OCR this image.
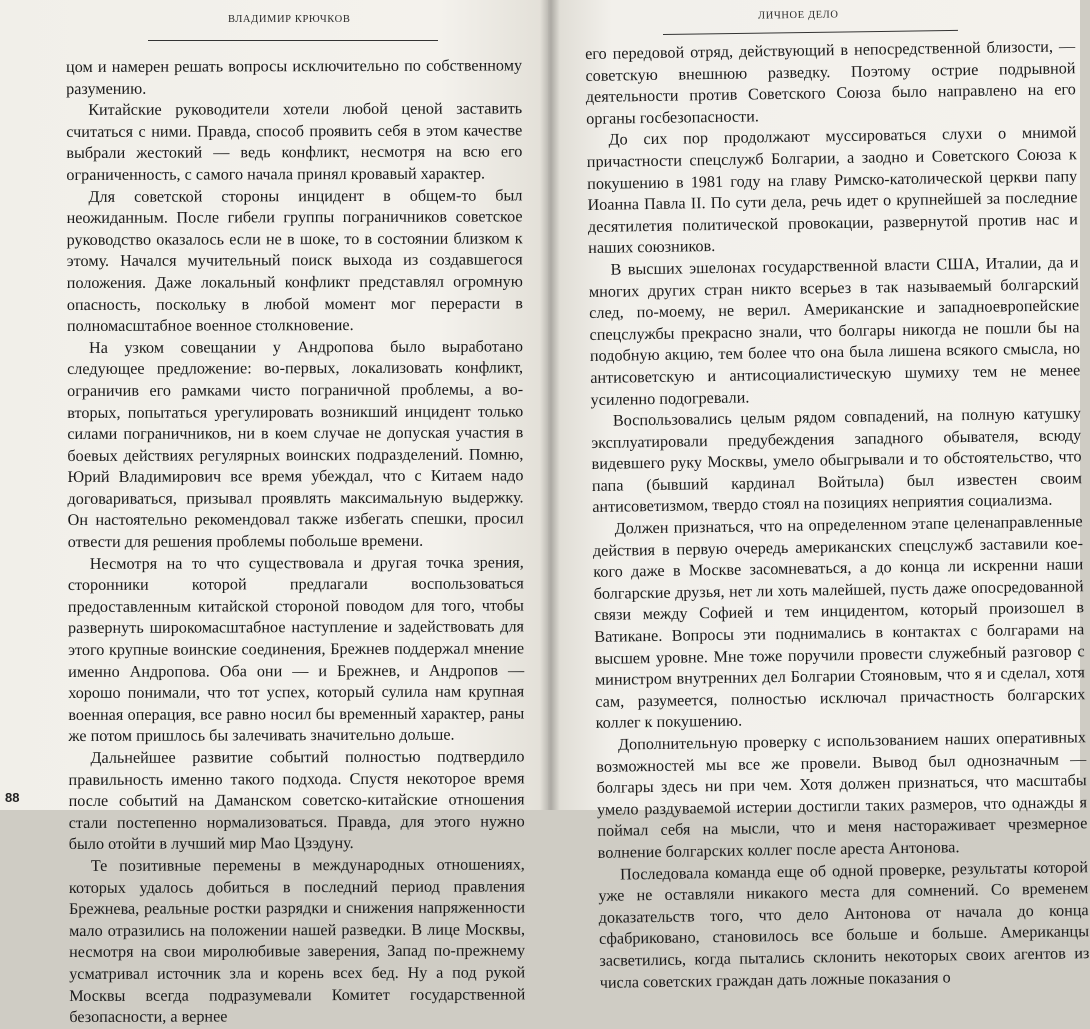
ВЛАДИМИР КРЮЧКОВ

цом и намерен решать вопросы исключительно по собственному разумению.

Китайские руководители хотели любой ценой заставить считаться с ними. Правда, способ проявить себя в этом качестве выбрали жестокий — ведь конфликт, несмотря на всю его ограниченность, с самого начала принял кровавый характер.

Для советской стороны инцидент в общем-то был неожиданным. После гибели группы пограничников советское руководство оказалось если не в шоке, то в состоянии близком к этому. Начался мучительный поиск выхода из создавшегося положения. Даже локальный конфликт представлял огромную опасность, поскольку в любой момент мог перерасти в полномасштабное военное столкновение.

На узком совещании у Андропова было выработано следующее предложение: во-первых, локализовать конфликт, ограничив его рамками чисто пограничной проблемы, а во-вторых, попытаться урегулировать возникший инцидент только силами пограничников, ни в коем случае не допуская участия в боевых действиях регулярных воинских подразделений. Помню, Юрий Владимирович все время убеждал, что с Китаем надо договариваться, призывал проявлять максимальную выдержку. Он настоятельно рекомендовал также избегать спешки, просил отвести для решения проблемы побольше времени.

Несмотря на то что существовала и другая точка зрения, сторонники которой предлагали воспользоваться предоставленным китайской стороной поводом для того, чтобы развернуть широкомасштабное наступление и задействовать для этого крупные воинские соединения, Брежнев поддержал мнение именно Андропова. Оба они — и Брежнев, и Андропов — хорошо понимали, что тот успех, который сулила нам крупная военная операция, все равно носил бы временный характер, раны же потом пришлось бы залечивать значительно дольше.

Дальнейшее развитие событий полностью подтвердило правильность именно такого подхода. Спустя некоторое время после событий на Даманском советско-китайские отношения стали постепенно нормализоваться. Правда, для этого нужно было отойти в лучший мир Мао Цзэдуну.

Те позитивные перемены в международных отношениях, которых удалось добиться в последний период правления Брежнева, реальные ростки разрядки и снижения напряженности мало отразились на положении нашей разведки. В лице Москвы, несмотря на свои миролюбивые заверения, Запад по-прежнему усматривал источник зла и корень всех бед. Ну а под рукой Москвы всегда подразумевали Комитет государственной безопасности, а вернее

88
ЛИЧНОЕ ДЕЛО

его передовой отряд, действующий в непосредственной близости, — советскую внешнюю разведку. Поэтому острие подрывной деятельности против Советского Союза было направлено на его органы госбезопасности.

До сих пор продолжают муссироваться слухи о мнимой причастности спецслужб Болгарии, а заодно и Советского Союза к покушению в 1981 году на главу Римско-католической церкви папу Иоанна Павла II. По сути дела, речь идет о крупнейшей за последние десятилетия политической провокации, развернутой против нас и наших союзников.

В высших эшелонах государственной власти США, Италии, да и многих других стран никто всерьез в так называемый болгарский след, по-моему, не верил. Американские и западноевропейские спецслужбы прекрасно знали, что болгары никогда не пошли бы на подобную акцию, тем более что она была лишена всякого смысла, но антисоветскую и антисоциалистическую шумиху тем не менее усиленно подогревали.

Воспользовались целым рядом совпадений, на полную катушку эксплуатировали предубеждения западного обывателя, всюду видевшего руку Москвы, умело обыгрывали и то обстоятельство, что папа (бывший кардинал Войтыла) был известен своим антисоветизмом, твердо стоял на позициях неприятия социализма.

Должен признаться, что на определенном этапе целенаправленные действия в первую очередь американских спецслужб заставили кое-кого даже в Москве засомневаться, а до конца ли искренни наши болгарские друзья, нет ли хоть малейшей, пусть даже опосредованной связи между Софией и тем инцидентом, который произошел в Ватикане. Вопросы эти поднимались в контактах с болгарами на высшем уровне. Мне тоже поручили провести служебный разговор с министром внутренних дел Болгарии Стояновым, что я и сделал, хотя сам, разумеется, полностью исключал причастность болгарских коллег к покушению.

Дополнительную проверку с использованием наших оперативных возможностей мы все же провели. Вывод был однозначным — болгары здесь ни при чем. Хотя должен признаться, что масштабы умело раздуваемой истерии достигли таких размеров, что однажды я поймал себя на мысли, что и меня настораживает чрезмерное волнение болгарских коллег после ареста Антонова.

Последовала команда еще об одной проверке, результаты которой уже не оставляли никакого места для сомнений. Со временем доказательств того, что дело Антонова от начала до конца сфабриковано, становилось все больше и больше. Американцы засветились, когда пытались склонить некоторых своих агентов из числа советских граждан дать ложные показания о
